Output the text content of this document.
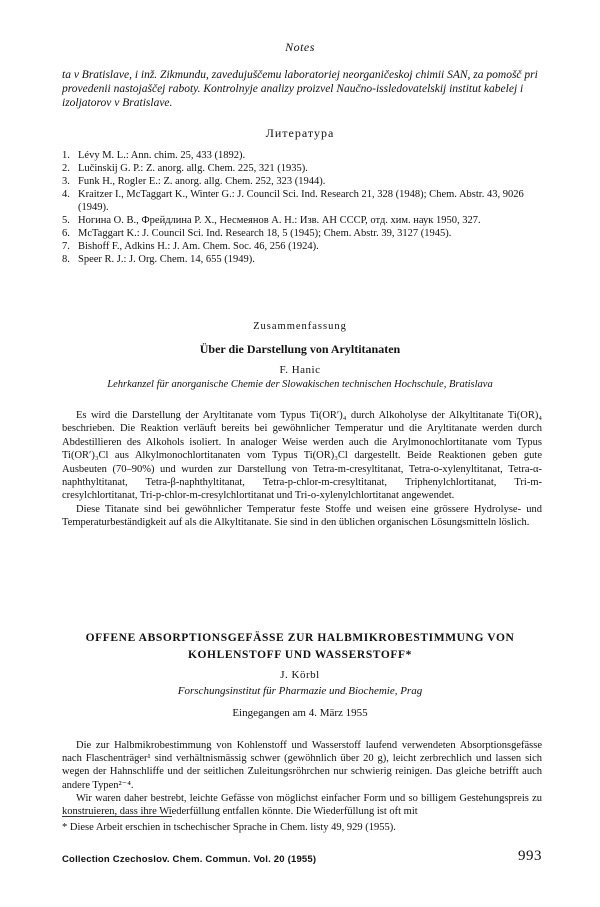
Notes
ta v Bratislave, i inž. Zikmundu, zavedujuščemu laboratoriej neorganičeskoj chimii SAN, za pomošč pri provedenii nastojaščej raboty. Kontrolnyje analizy proizvel Naučno-issledovatelskij institut kabelej i izoljatorov v Bratislave.
Литература
1. Lévy M. L.: Ann. chim. 25, 433 (1892).
2. Lučinskij G. P.: Z. anorg. allg. Chem. 225, 321 (1935).
3. Funk H., Rogler E.: Z. anorg. allg. Chem. 252, 323 (1944).
4. Kraitzer I., McTaggart K., Winter G.: J. Council Sci. Ind. Research 21, 328 (1948); Chem. Abstr. 43, 9026 (1949).
5. Ногина О. В., Фрейдлина Р. Х., Несмеянов А. Н.: Изв. АН СССР, отд. хим. наук 1950, 327.
6. McTaggart K.: J. Council Sci. Ind. Research 18, 5 (1945); Chem. Abstr. 39, 3127 (1945).
7. Bishoff F., Adkins H.: J. Am. Chem. Soc. 46, 256 (1924).
8. Speer R. J.: J. Org. Chem. 14, 655 (1949).
Zusammenfassung
Über die Darstellung von Aryltitanaten
F. Hanic
Lehrkanzel für anorganische Chemie der Slowakischen technischen Hochschule, Bratislava

Es wird die Darstellung der Aryltitanate vom Typus Ti(OR′)₄ durch Alkoholyse der Alkyltitanate Ti(OR)₄ beschrieben. Die Reaktion verläuft bereits bei gewöhnlicher Temperatur und die Aryltitanate werden durch Abdestillieren des Alkohols isoliert. In analoger Weise werden auch die Arylmonochlortitanate vom Typus Ti(OR′)₃Cl aus Alkylmonochlortitanaten vom Typus Ti(OR)₃Cl dargestellt. Beide Reaktionen geben gute Ausbeuten (70–90%) und wurden zur Darstellung von Tetra-m-cresyltitanat, Tetra-o-xylenyltitanat, Tetra-α-naphthyltitanat, Tetra-β-naphthyltitanat, Tetra-p-chlor-m-cresyltitanat, Triphenylchlortitanat, Tri-m-cresylchlortitanat, Tri-p-chlor-m-cresylchlortitanat und Tri-o-xylenylchlortitanat angewendet.

Diese Titanate sind bei gewöhnlicher Temperatur feste Stoffe und weisen eine grössere Hydrolyse- und Temperaturbeständigkeit auf als die Alkyltitanate. Sie sind in den üblichen organischen Lösungsmitteln löslich.

OFFENE ABSORPTIONSGEFÄSSE ZUR HALBMIKROBESTIMMUNG VON
KOHLENSTOFF UND WASSERSTOFF*
J. Körbl
Forschungsinstitut für Pharmazie und Biochemie, Prag
Eingegangen am 4. März 1955

Die zur Halbmikrobestimmung von Kohlenstoff und Wasserstoff laufend verwendeten Absorptionsgefässe nach Flaschenträger¹ sind verhältnismässig schwer (gewöhnlich über 20 g), leicht zerbrechlich und lassen sich wegen der Hahnschliffe und der seitlichen Zuleitungsröhrchen nur schwierig reinigen. Das gleiche betrifft auch andere Typen²⁻⁴.

Wir waren daher bestrebt, leichte Gefässe von möglichst einfacher Form und so billigem Gestehungspreis zu konstruieren, dass ihre Wiederfüllung entfallen könnte. Die Wiederfüllung ist oft mit

* Diese Arbeit erschien in tschechischer Sprache in Chem. listy 49, 929 (1955).
Collection Czechoslov. Chem. Commun. Vol. 20 (1955)	993
